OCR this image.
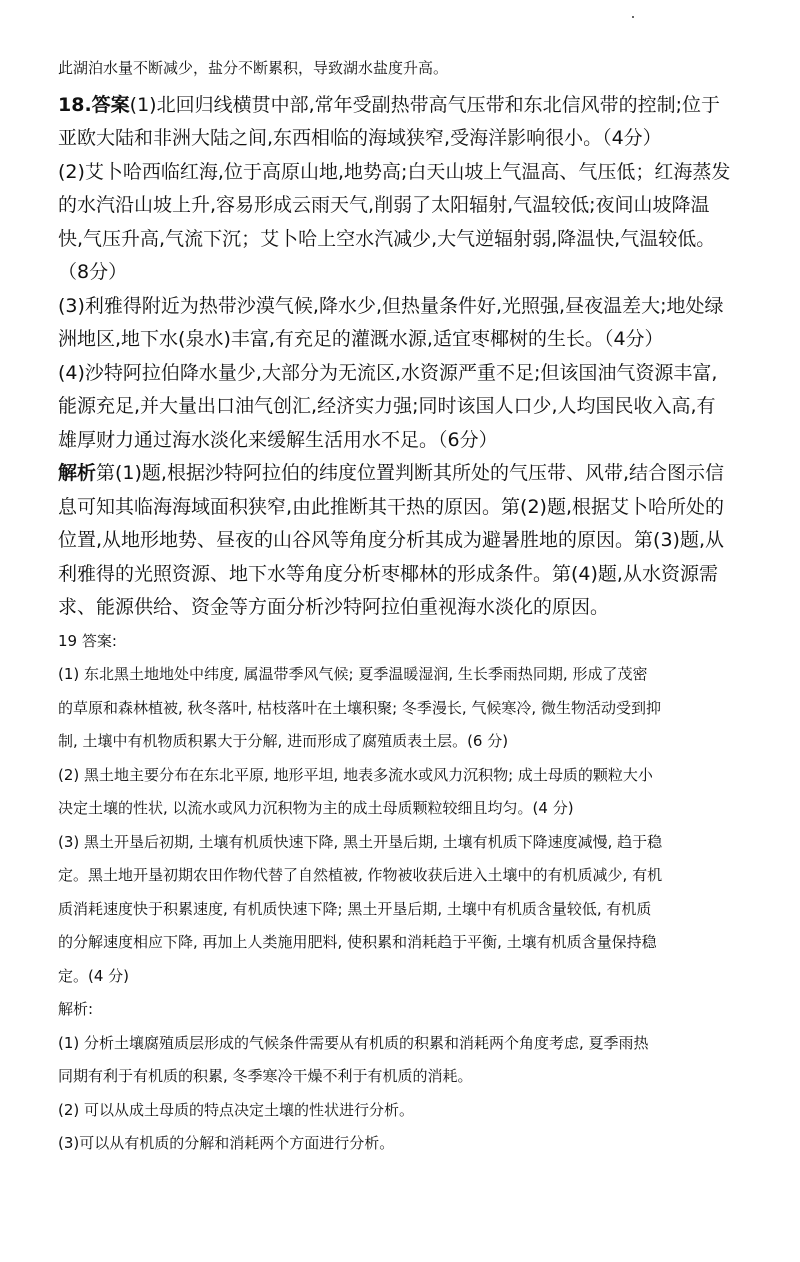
此湖泊水量不断减少，盐分不断累积，导致湖水盐度升高。
18.答案(1)北回归线横贯中部,常年受副热带高气压带和东北信风带的控制;位于
亚欧大陆和非洲大陆之间,东西相临的海域狭窄,受海洋影响很小。（4分）
(2)艾卜哈西临红海,位于高原山地,地势高;白天山坡上气温高、气压低；红海蒸发
的水汽沿山坡上升,容易形成云雨天气,削弱了太阳辐射,气温较低;夜间山坡降温
快,气压升高,气流下沉；艾卜哈上空水汽减少,大气逆辐射弱,降温快,气温较低。
（8分）
(3)利雅得附近为热带沙漠气候,降水少,但热量条件好,光照强,昼夜温差大;地处绿
洲地区,地下水(泉水)丰富,有充足的灌溉水源,适宜枣椰树的生长。（4分）
(4)沙特阿拉伯降水量少,大部分为无流区,水资源严重不足;但该国油气资源丰富,
能源充足,并大量出口油气创汇,经济实力强;同时该国人口少,人均国民收入高,有
雄厚财力通过海水淡化来缓解生活用水不足。（6分）
解析第(1)题,根据沙特阿拉伯的纬度位置判断其所处的气压带、风带,结合图示信
息可知其临海海域面积狭窄,由此推断其干热的原因。第(2)题,根据艾卜哈所处的
位置,从地形地势、昼夜的山谷风等角度分析其成为避暑胜地的原因。第(3)题,从
利雅得的光照资源、地下水等角度分析枣椰林的形成条件。第(4)题,从水资源需
求、能源供给、资金等方面分析沙特阿拉伯重视海水淡化的原因。
19 答案:
(1) 东北黑土地地处中纬度, 属温带季风气候; 夏季温暖湿润, 生长季雨热同期, 形成了茂密
的草原和森林植被, 秋冬落叶, 枯枝落叶在土壤积聚; 冬季漫长, 气候寒冷, 微生物活动受到抑
制, 土壤中有机物质积累大于分解, 进而形成了腐殖质表土层。(6 分)
(2) 黑土地主要分布在东北平原, 地形平坦, 地表多流水或风力沉积物; 成土母质的颗粒大小
决定土壤的性状, 以流水或风力沉积物为主的成土母质颗粒较细且均匀。(4 分)
(3) 黑土开垦后初期, 土壤有机质快速下降, 黑土开垦后期, 土壤有机质下降速度减慢, 趋于稳
定。黑土地开垦初期农田作物代替了自然植被, 作物被收获后进入土壤中的有机质减少, 有机
质消耗速度快于积累速度, 有机质快速下降; 黑土开垦后期, 土壤中有机质含量较低, 有机质
的分解速度相应下降, 再加上人类施用肥料, 使积累和消耗趋于平衡, 土壤有机质含量保持稳
定。(4 分)
解析:
(1) 分析土壤腐殖质层形成的气候条件需要从有机质的积累和消耗两个角度考虑, 夏季雨热
同期有利于有机质的积累, 冬季寒冷干燥不利于有机质的消耗。
(2) 可以从成土母质的特点决定土壤的性状进行分析。
(3)可以从有机质的分解和消耗两个方面进行分析。
